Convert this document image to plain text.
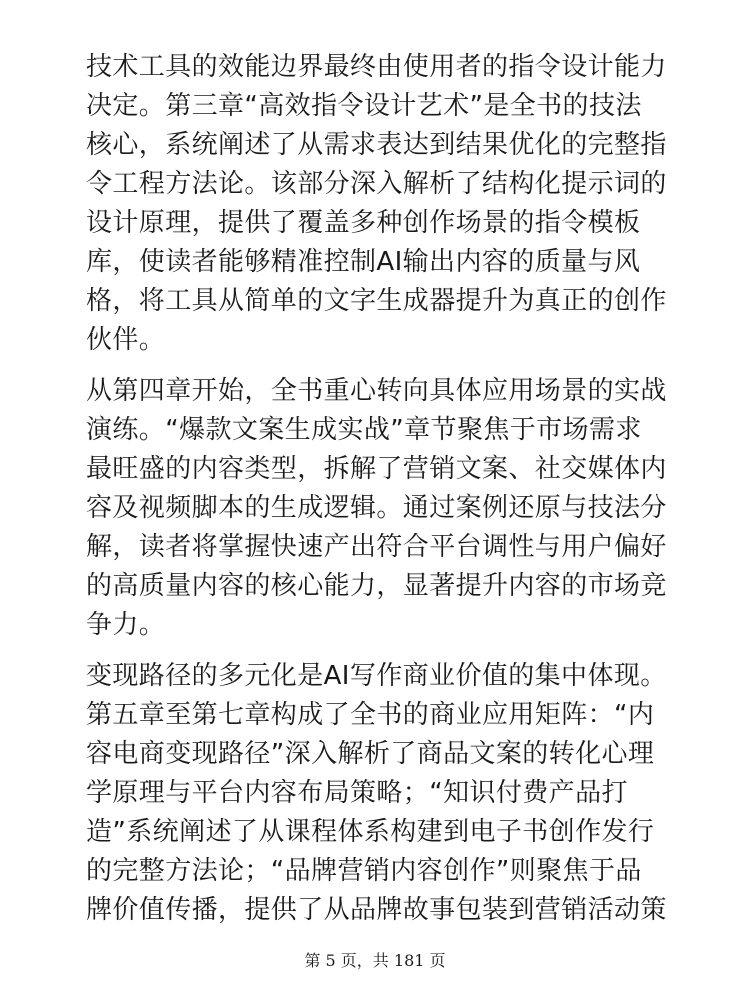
技术工具的效能边界最终由使用者的指令设计能力
决定。第三章“高效指令设计艺术”是全书的技法
核心，系统阐述了从需求表达到结果优化的完整指
令工程方法论。该部分深入解析了结构化提示词的
设计原理，提供了覆盖多种创作场景的指令模板
库，使读者能够精准控制AI输出内容的质量与风
格，将工具从简单的文字生成器提升为真正的创作
伙伴。
从第四章开始，全书重心转向具体应用场景的实战
演练。“爆款文案生成实战”章节聚焦于市场需求
最旺盛的内容类型，拆解了营销文案、社交媒体内
容及视频脚本的生成逻辑。通过案例还原与技法分
解，读者将掌握快速产出符合平台调性与用户偏好
的高质量内容的核心能力，显著提升内容的市场竞
争力。
变现路径的多元化是AI写作商业价值的集中体现。
第五章至第七章构成了全书的商业应用矩阵：“内
容电商变现路径”深入解析了商品文案的转化心理
学原理与平台内容布局策略；“知识付费产品打
造”系统阐述了从课程体系构建到电子书创作发行
的完整方法论；“品牌营销内容创作”则聚焦于品
牌价值传播，提供了从品牌故事包装到营销活动策
第 5 页，共 181 页
